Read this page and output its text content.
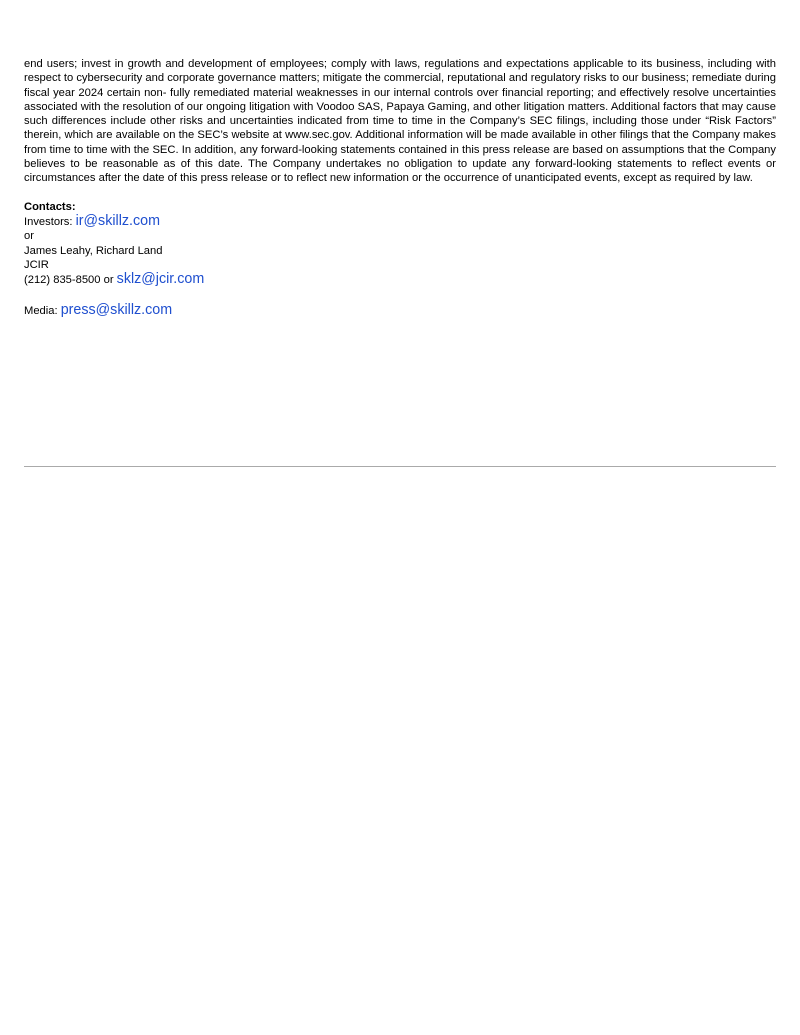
end users; invest in growth and development of employees; comply with laws, regulations and expectations applicable to its business, including with respect to cybersecurity and corporate governance matters; mitigate the commercial, reputational and regulatory risks to our business; remediate during fiscal year 2024 certain non- fully remediated material weaknesses in our internal controls over financial reporting; and effectively resolve uncertainties associated with the resolution of our ongoing litigation with Voodoo SAS, Papaya Gaming, and other litigation matters. Additional factors that may cause such differences include other risks and uncertainties indicated from time to time in the Company’s SEC filings, including those under “Risk Factors” therein, which are available on the SEC’s website at www.sec.gov. Additional information will be made available in other filings that the Company makes from time to time with the SEC. In addition, any forward-looking statements contained in this press release are based on assumptions that the Company believes to be reasonable as of this date. The Company undertakes no obligation to update any forward-looking statements to reflect events or circumstances after the date of this press release or to reflect new information or the occurrence of unanticipated events, except as required by law.

Contacts:
Investors: ir@skillz.com
or
James Leahy, Richard Land
JCIR
(212) 835-8500 or sklz@jcir.com
Media: press@skillz.com
